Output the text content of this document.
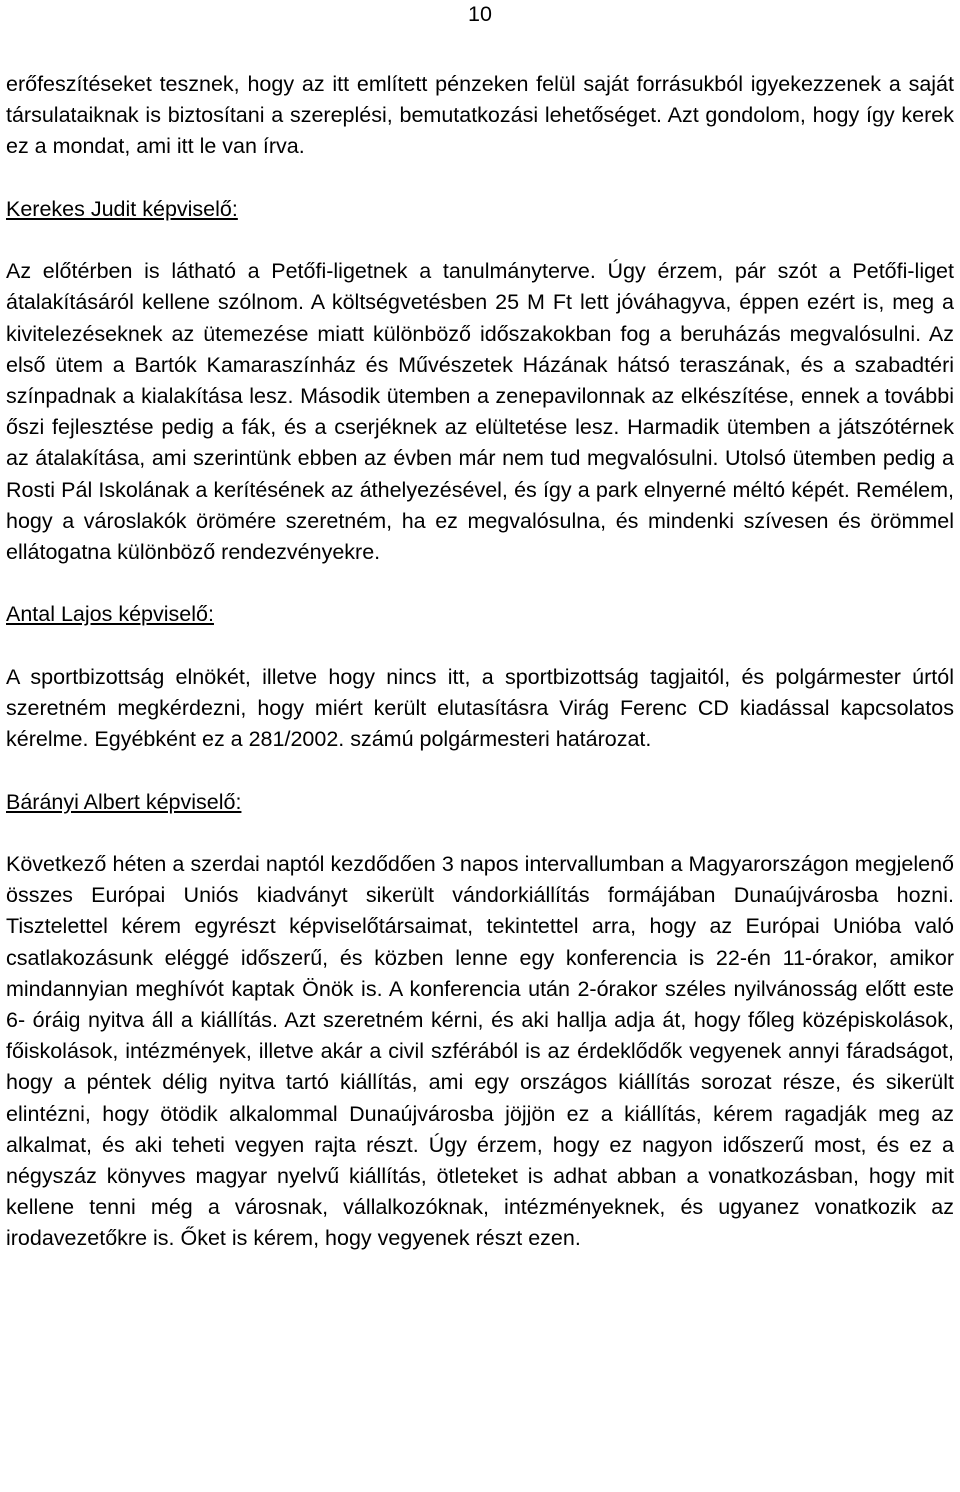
10

erőfeszítéseket tesznek, hogy az itt említett pénzeken felül saját forrásukból igyekezzenek a saját társulataiknak is biztosítani a szereplési, bemutatkozási lehetőséget. Azt gondolom, hogy így kerek ez a mondat, ami itt le van írva.

Kerekes Judit képviselő:

Az előtérben is látható a Petőfi-ligetnek a tanulmányterve. Úgy érzem, pár szót a Petőfi-liget átalakításáról kellene szólnom. A költségvetésben 25 M Ft lett jóváhagyva, éppen ezért is, meg a kivitelezéseknek az ütemezése miatt különböző időszakokban fog a beruházás megvalósulni. Az első ütem a Bartók Kamaraszínház és Művészetek Házának hátsó teraszának, és a szabadtéri színpadnak a kialakítása lesz. Második ütemben a zenepavilonnak az elkészítése, ennek a további őszi fejlesztése pedig a fák, és a cserjéknek az elültetése lesz. Harmadik ütemben a játszótérnek az átalakítása, ami szerintünk ebben az évben már nem tud megvalósulni. Utolsó ütemben pedig a Rosti Pál Iskolának a kerítésének az áthelyezésével, és így a park elnyerné méltó képét. Remélem, hogy a városlakók örömére szeretném, ha ez megvalósulna, és mindenki szívesen és örömmel ellátogatna különböző rendezvényekre.

Antal Lajos képviselő:

A sportbizottság elnökét, illetve hogy nincs itt, a sportbizottság tagjaitól, és polgármester úrtól szeretném megkérdezni, hogy miért került elutasításra Virág Ferenc CD kiadással kapcsolatos kérelme. Egyébként ez a 281/2002. számú polgármesteri határozat.

Bárányi Albert képviselő:

Következő héten a szerdai naptól kezdődően 3 napos intervallumban a Magyarországon megjelenő összes Európai Uniós kiadványt sikerült vándorkiállítás formájában Dunaújvárosba hozni. Tisztelettel kérem egyrészt képviselőtársaimat, tekintettel arra, hogy az Európai Unióba való csatlakozásunk eléggé időszerű, és közben lenne egy konferencia is 22-én 11-órakor, amikor mindannyian meghívót kaptak Önök is. A konferencia után 2-órakor széles nyilvánosság előtt este 6- óráig nyitva áll a kiállítás. Azt szeretném kérni, és aki hallja adja át, hogy főleg középiskolások, főiskolások, intézmények, illetve akár a civil szférából is az érdeklődők vegyenek annyi fáradságot, hogy a péntek délig nyitva tartó kiállítás, ami egy országos kiállítás sorozat része, és sikerült elintézni, hogy ötödik alkalommal Dunaújvárosba jöjjön ez a kiállítás, kérem ragadják meg az alkalmat, és aki teheti vegyen rajta részt. Úgy érzem, hogy ez nagyon időszerű most, és ez a négyszáz könyves magyar nyelvű kiállítás, ötleteket is adhat abban a vonatkozásban, hogy mit kellene tenni még a városnak, vállalkozóknak, intézményeknek, és ugyanez vonatkozik az irodavezetőkre is. Őket is kérem, hogy vegyenek részt ezen.
